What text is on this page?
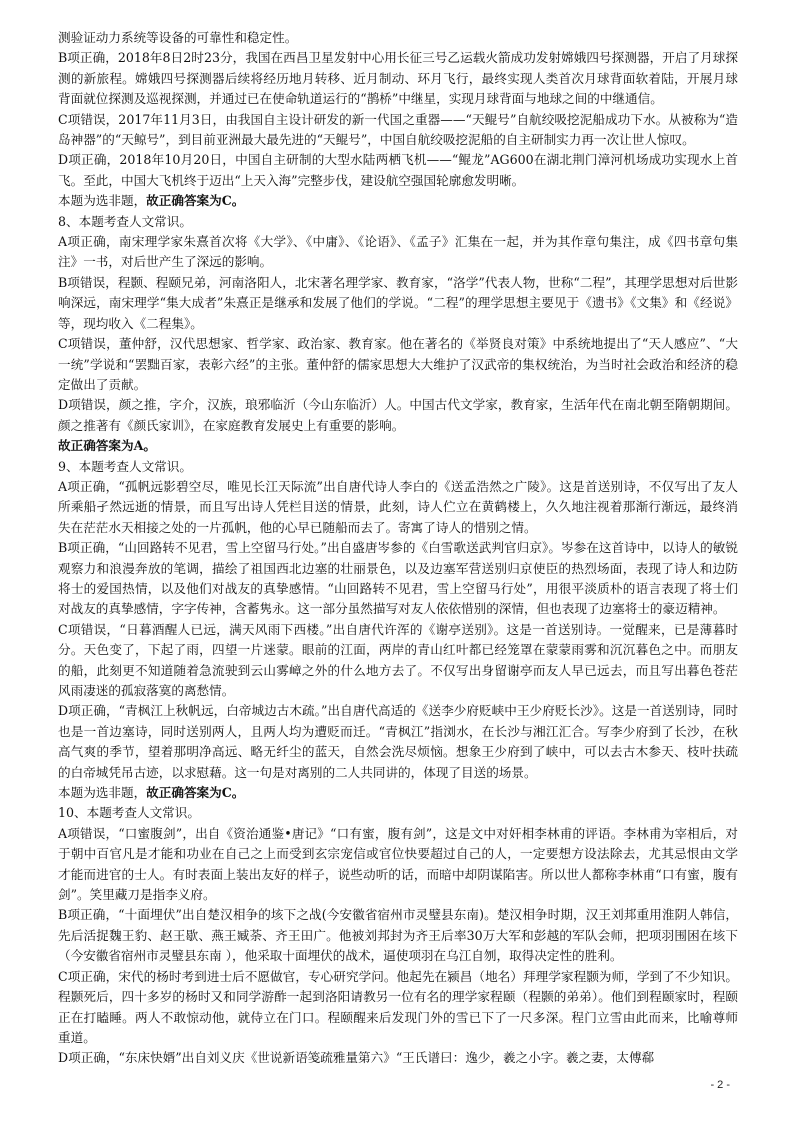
测验证动力系统等设备的可靠性和稳定性。

B项正确，2018年8日2时23分，我国在西昌卫星发射中心用长征三号乙运载火箭成功发射嫦娥四号探测器，开启了月球探测的新旅程。嫦娥四号探测器后续将经历地月转移、近月制动、环月飞行，最终实现人类首次月球背面软着陆，开展月球背面就位探测及巡视探测，并通过已在使命轨道运行的“鹊桥”中继星，实现月球背面与地球之间的中继通信。

C项错误，2017年11月3日，由我国自主设计研发的新一代国之重器——“天鲲号”自航绞吸挖泥船成功下水。从被称为“造岛神器”的“天鲸号”，到目前亚洲最大最先进的“天鲲号”，中国自航绞吸挖泥船的自主研制实力再一次让世人惊叹。

D项正确，2018年10月20日，中国自主研制的大型水陆两栖飞机——“鲲龙”AG600在湖北荆门漳河机场成功实现水上首飞。至此，中国大飞机终于迈出“上天入海”完整步伐，建设航空强国轮廓愈发明晰。

本题为选非题，故正确答案为C。

8、本题考查人文常识。

A项正确，南宋理学家朱熹首次将《大学》、《中庸》、《论语》、《孟子》汇集在一起，并为其作章句集注，成《四书章句集注》一书，对后世产生了深远的影响。

B项错误，程颢、程颐兄弟，河南洛阳人，北宋著名理学家、教育家，“洛学”代表人物，世称“二程”，其理学思想对后世影响深远，南宋理学“集大成者”朱熹正是继承和发展了他们的学说。“二程”的理学思想主要见于《遗书》《文集》和《经说》等，现均收入《二程集》。

C项错误，董仲舒，汉代思想家、哲学家、政治家、教育家。他在著名的《举贤良对策》中系统地提出了“天人感应”、“大一统”学说和“罢黜百家，表彰六经”的主张。董仲舒的儒家思想大大维护了汉武帝的集权统治，为当时社会政治和经济的稳定做出了贡献。

D项错误，颜之推，字介，汉族，琅邪临沂（今山东临沂）人。中国古代文学家，教育家，生活年代在南北朝至隋朝期间。颜之推著有《颜氏家训》，在家庭教育发展史上有重要的影响。

故正确答案为A。

9、本题考查人文常识。

A项正确，“孤帆远影碧空尽，唯见长江天际流”出自唐代诗人李白的《送孟浩然之广陵》。这是首送别诗，不仅写出了友人所乘船孑然远逝的情景，而且写出诗人凭栏目送的情景，此刻，诗人伫立在黄鹤楼上，久久地注视着那渐行渐远，最终消失在茫茫水天相接之处的一片孤帆，他的心早已随船而去了。寄寓了诗人的惜别之情。

B项正确，“山回路转不见君，雪上空留马行处。”出自盛唐岑参的《白雪歌送武判官归京》。岑参在这首诗中，以诗人的敏锐观察力和浪漫奔放的笔调，描绘了祖国西北边塞的壮丽景色，以及边塞军营送别归京使臣的热烈场面，表现了诗人和边防将士的爱国热情，以及他们对战友的真挚感情。“山回路转不见君，雪上空留马行处”，用很平淡质朴的语言表现了将士们对战友的真挚感情，字字传神，含蓄隽永。这一部分虽然描写对友人依依惜别的深情，但也表现了边塞将士的豪迈精神。

C项错误，“日暮酒醒人已远，满天风雨下西楼。”出自唐代许浑的《谢亭送别》。这是一首送别诗。一觉醒来，已是薄暮时分。天色变了，下起了雨，四望一片迷蒙。眼前的江面，两岸的青山红叶都已经笼罩在蒙蒙雨雾和沉沉暮色之中。而朋友的船，此刻更不知道随着急流驶到云山雾嶂之外的什么地方去了。不仅写出身留谢亭而友人早已远去，而且写出暮色苍茫风雨凄迷的孤寂落寞的离愁情。

D项正确，“青枫江上秋帆远，白帝城边古木疏。”出自唐代高适的《送李少府贬峡中王少府贬长沙》。这是一首送别诗，同时也是一首边塞诗，同时送别两人，且两人均为遭贬而迁。“青枫江”指浏水，在长沙与湘江汇合。写李少府到了长沙，在秋高气爽的季节，望着那明净高远、略无纤尘的蓝天，自然会洗尽烦恼。想象王少府到了峡中，可以去古木参天、枝叶扶疏的白帝城凭吊古迹，以求慰藉。这一句是对离别的二人共同讲的，体现了目送的场景。

本题为选非题，故正确答案为C。

10、本题考查人文常识。

A项错误，“口蜜腹剑”，出自《资治通鉴•唐记》“口有蜜，腹有剑”，这是文中对奸相李林甫的评语。李林甫为宰相后，对于朝中百官凡是才能和功业在自己之上而受到玄宗宠信或官位快要超过自己的人，一定要想方设法除去，尤其忌恨由文学才能而进官的士人。有时表面上装出友好的样子，说些动听的话，而暗中却阴谋陷害。所以世人都称李林甫“口有蜜，腹有剑”。笑里藏刀是指李义府。

B项正确，“十面埋伏”出自楚汉相争的垓下之战(今安徽省宿州市灵璧县东南)。楚汉相争时期，汉王刘邦重用淮阴人韩信，先后活捉魏王豹、赵王歇、燕王臧荼、齐王田广。他被刘邦封为齐王后率30万大军和彭越的军队会师，把项羽围困在垓下（今安徽省宿州市灵璧县东南 ），他采取十面埋伏的战术，逼使项羽在乌江自刎，取得决定性的胜利。

C项正确，宋代的杨时考到进士后不愿做官，专心研究学问。他起先在颍昌（地名）拜理学家程颢为师，学到了不少知识。程颢死后，四十多岁的杨时又和同学游酢一起到洛阳请教另一位有名的理学家程颐（程颢的弟弟）。他们到程颐家时，程颐正在打瞌睡。两人不敢惊动他，就侍立在门口。程颐醒来后发现门外的雪已下了一尺多深。程门立雪由此而来，比喻尊师重道。

D项正确，“东床快婿”出自刘义庆《世说新语笺疏雅量第六》“王氏谱曰：逸少，羲之小字。羲之妻，太傅郗

- 2 -
